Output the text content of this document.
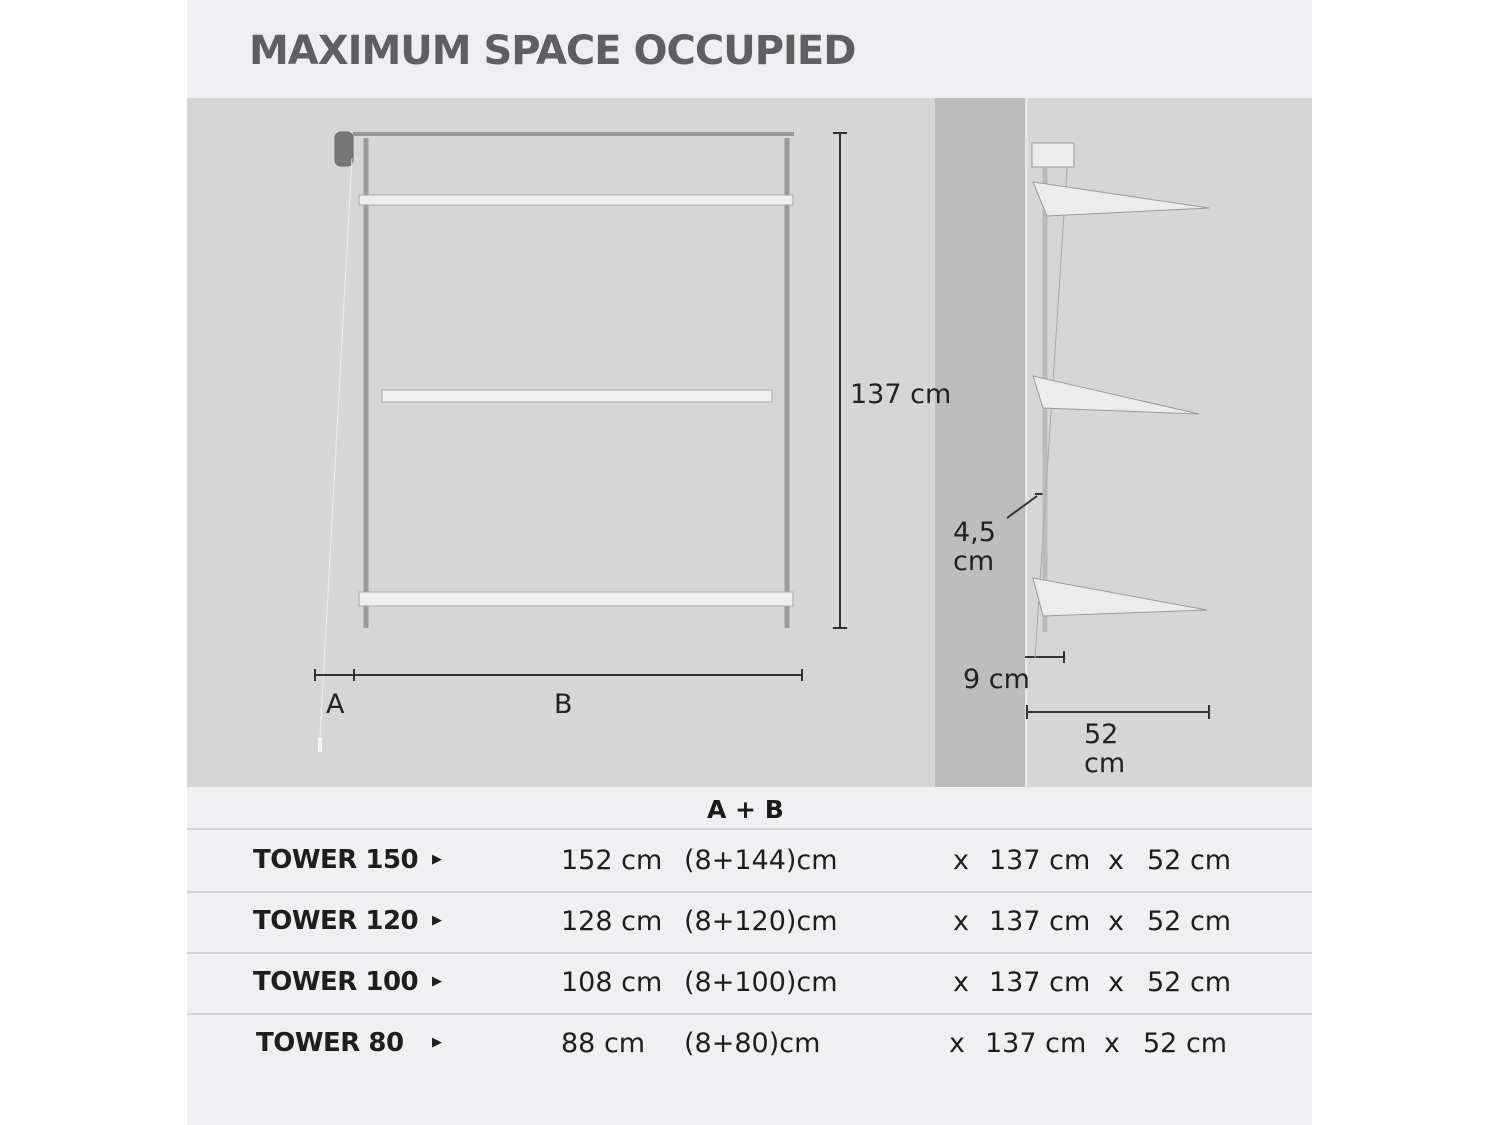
MAXIMUM SPACE OCCUPIED
137 cm
A	B
4,5
cm
9 cm
52
cm
A + B
TOWER 150 ▶	152 cm (8+144)cm	x 137 cm x 52 cm
TOWER 120 ▶	128 cm (8+120)cm	x 137 cm x 52 cm
TOWER 100 ▶	108 cm (8+100)cm	x 137 cm x 52 cm
TOWER 80 ▶	88 cm (8+80)cm	x 137 cm x 52 cm
